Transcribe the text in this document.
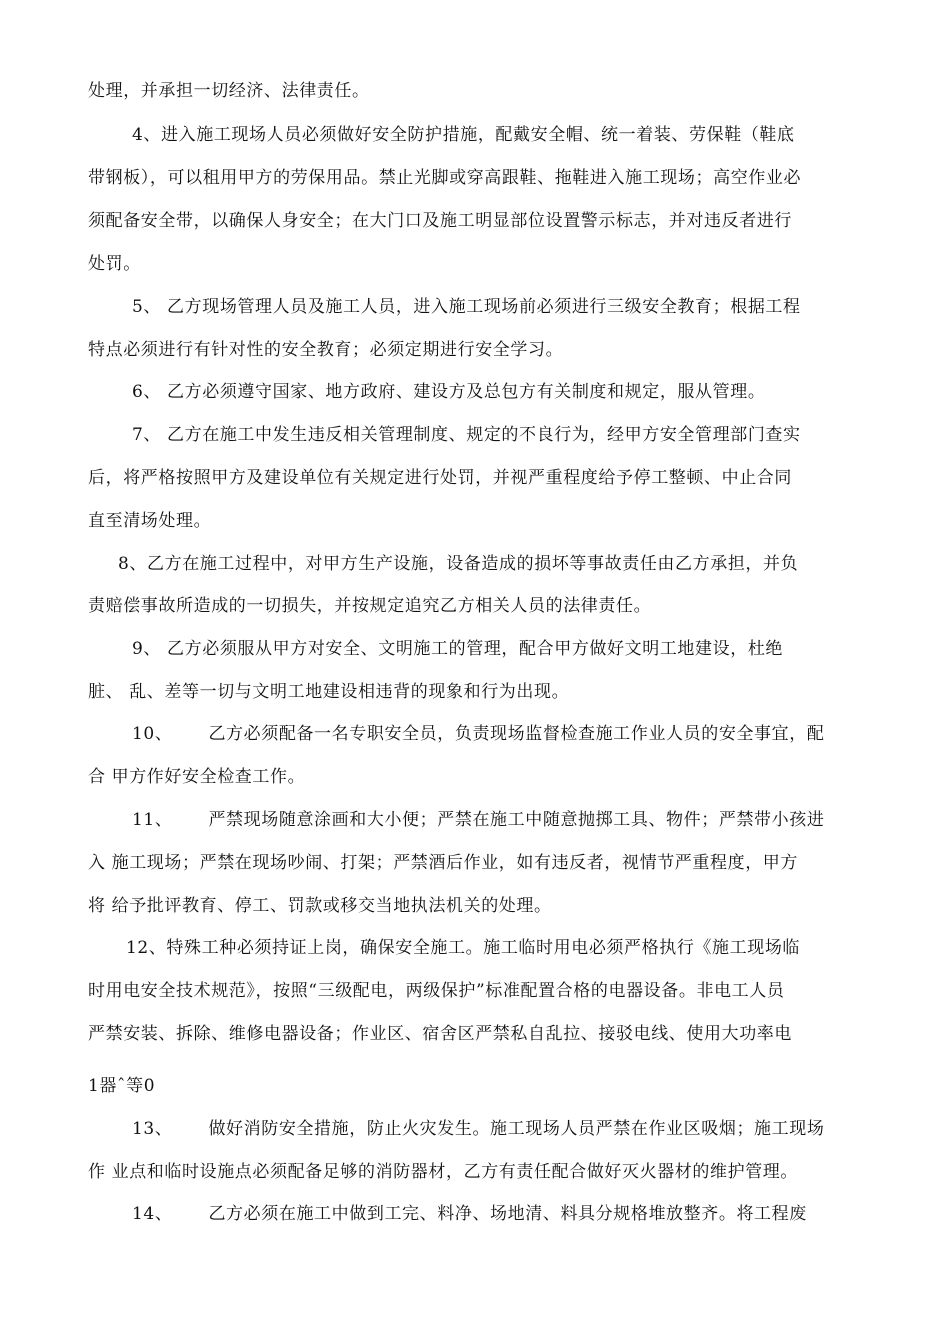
处理，并承担一切经济、法律责任。
4、进入施工现场人员必须做好安全防护措施，配戴安全帽、统一着装、劳保鞋（鞋底
带钢板），可以租用甲方的劳保用品。禁止光脚或穿高跟鞋、拖鞋进入施工现场；高空作业必
须配备安全带，以确保人身安全；在大门口及施工明显部位设置警示标志，并对违反者进行
处罚。
5、 乙方现场管理人员及施工人员，进入施工现场前必须进行三级安全教育；根据工程
特点必须进行有针对性的安全教育；必须定期进行安全学习。
6、 乙方必须遵守国家、地方政府、建设方及总包方有关制度和规定，服从管理。
7、 乙方在施工中发生违反相关管理制度、规定的不良行为，经甲方安全管理部门查实
后，将严格按照甲方及建设单位有关规定进行处罚，并视严重程度给予停工整顿、中止合同
直至清场处理。
8、乙方在施工过程中，对甲方生产设施，设备造成的损坏等事故责任由乙方承担，并负
责赔偿事故所造成的一切损失，并按规定追究乙方相关人员的法律责任。
9、 乙方必须服从甲方对安全、文明施工的管理，配合甲方做好文明工地建设，杜绝
脏、 乱、差等一切与文明工地建设相违背的现象和行为出现。
10、      乙方必须配备一名专职安全员，负责现场监督检查施工作业人员的安全事宜，配
合 甲方作好安全检查工作。
11、      严禁现场随意涂画和大小便；严禁在施工中随意抛掷工具、物件；严禁带小孩进
入 施工现场；严禁在现场吵闹、打架；严禁酒后作业，如有违反者，视情节严重程度，甲方
将 给予批评教育、停工、罚款或移交当地执法机关的处理。
12、特殊工种必须持证上岗，确保安全施工。施工临时用电必须严格执行《施工现场临
时用电安全技术规范》，按照“三级配电，两级保护”标准配置合格的电器设备。非电工人员
严禁安装、拆除、维修电器设备；作业区、宿舍区严禁私自乱拉、接驳电线、使用大功率电
1器ˆ等0
13、      做好消防安全措施，防止火灾发生。施工现场人员严禁在作业区吸烟；施工现场
作 业点和临时设施点必须配备足够的消防器材，乙方有责任配合做好灭火器材的维护管理。
14、      乙方必须在施工中做到工完、料净、场地清、料具分规格堆放整齐。将工程废
